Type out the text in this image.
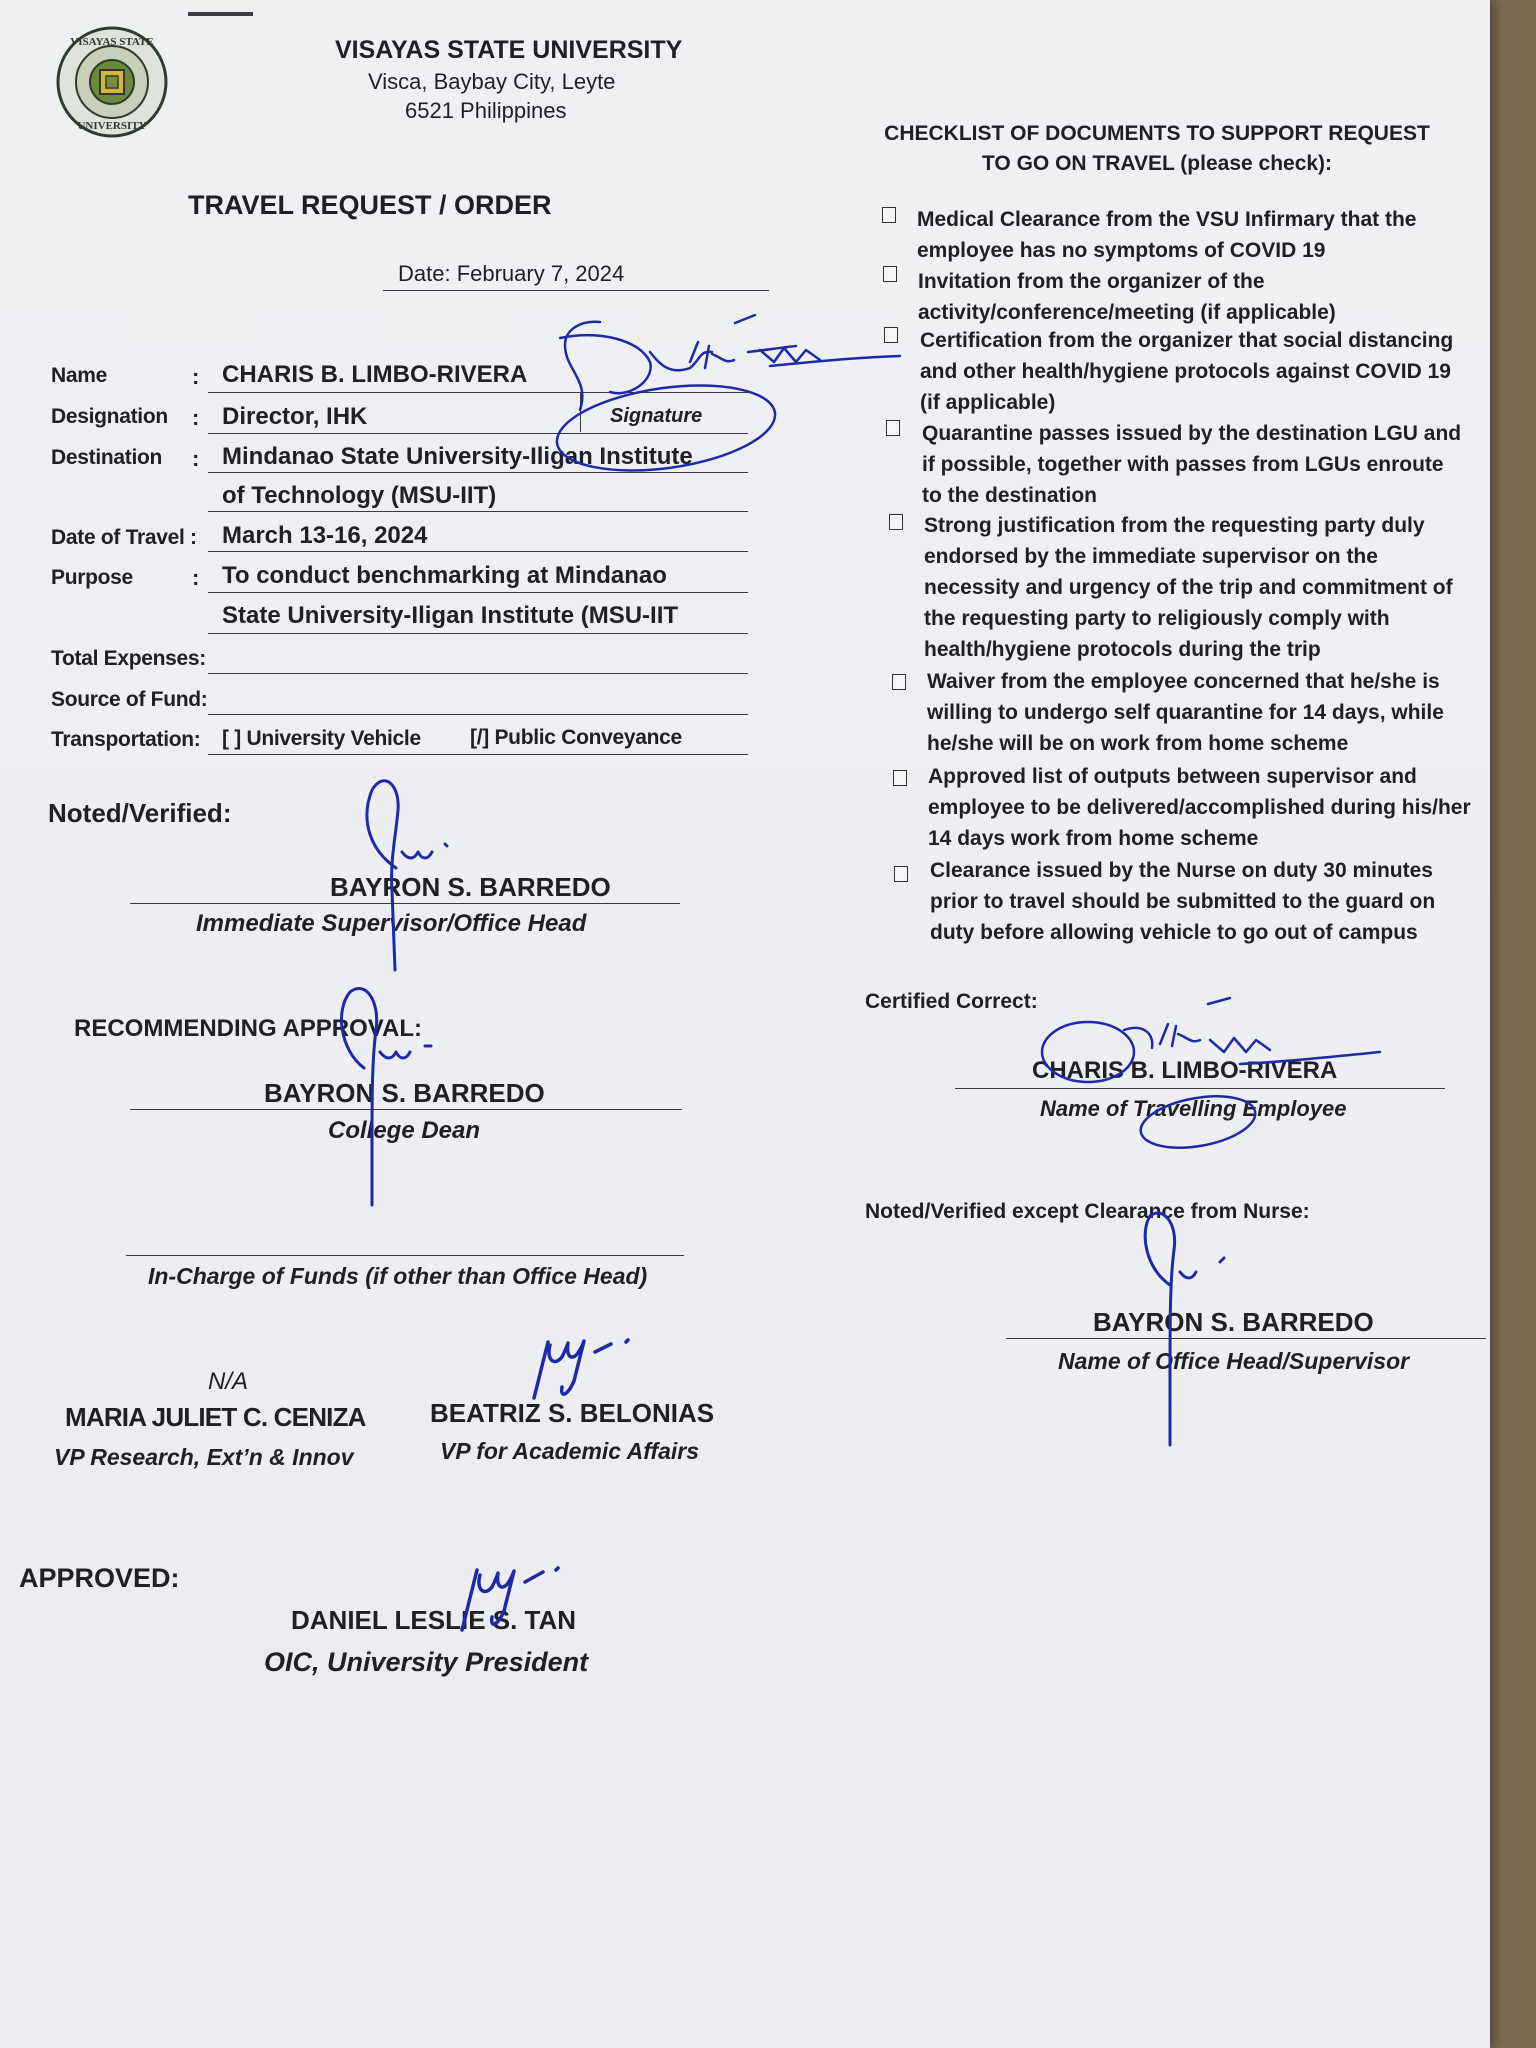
VISAYAS STATE
UNIVERSITY
VISAYAS STATE UNIVERSITY
Visca, Baybay City, Leyte
6521 Philippines
TRAVEL REQUEST / ORDER
Date: February 7, 2024
Name	: CHARIS B. LIMBO-RIVERA
Designation : Director, IHK	Signature
Destination : Mindanao State University-Iligan Institute
of Technology (MSU-IIT)
Date of Travel : March 13-16, 2024
Purpose	: To conduct benchmarking at Mindanao
State University-Iligan Institute (MSU-IIT
Total Expenses:
Source of Fund:
Transportation: [ ] University Vehicle [/] Public Conveyance
Noted/Verified:
BAYRON S. BARREDO
Immediate Supervisor/Office Head
RECOMMENDING APPROVAL:
BAYRON S. BARREDO
College Dean
In-Charge of Funds (if other than Office Head)
N/A
MARIA JULIET C. CENIZA
VP Research, Ext’n & Innov
BEATRIZ S. BELONIAS
VP for Academic Affairs
APPROVED:
DANIEL LESLIE S. TAN
OIC, University President
CHECKLIST OF DOCUMENTS TO SUPPORT REQUEST
TO GO ON TRAVEL (please check):
Medical Clearance from the VSU Infirmary that the employee has no symptoms of COVID 19
Invitation from the organizer of the activity/conference/meeting (if applicable)
Certification from the organizer that social distancing and other health/hygiene protocols against COVID 19 (if applicable)
Quarantine passes issued by the destination LGU and if possible, together with passes from LGUs enroute to the destination
Strong justification from the requesting party duly endorsed by the immediate supervisor on the necessity and urgency of the trip and commitment of the requesting party to religiously comply with health/hygiene protocols during the trip
Waiver from the employee concerned that he/she is willing to undergo self quarantine for 14 days, while he/she will be on work from home scheme
Approved list of outputs between supervisor and employee to be delivered/accomplished during his/her 14 days work from home scheme
Clearance issued by the Nurse on duty 30 minutes prior to travel should be submitted to the guard on duty before allowing vehicle to go out of campus
Certified Correct:
CHARIS B. LIMBO-RIVERA
Name of Travelling Employee
Noted/Verified except Clearance from Nurse:
BAYRON S. BARREDO
Name of Office Head/Supervisor
